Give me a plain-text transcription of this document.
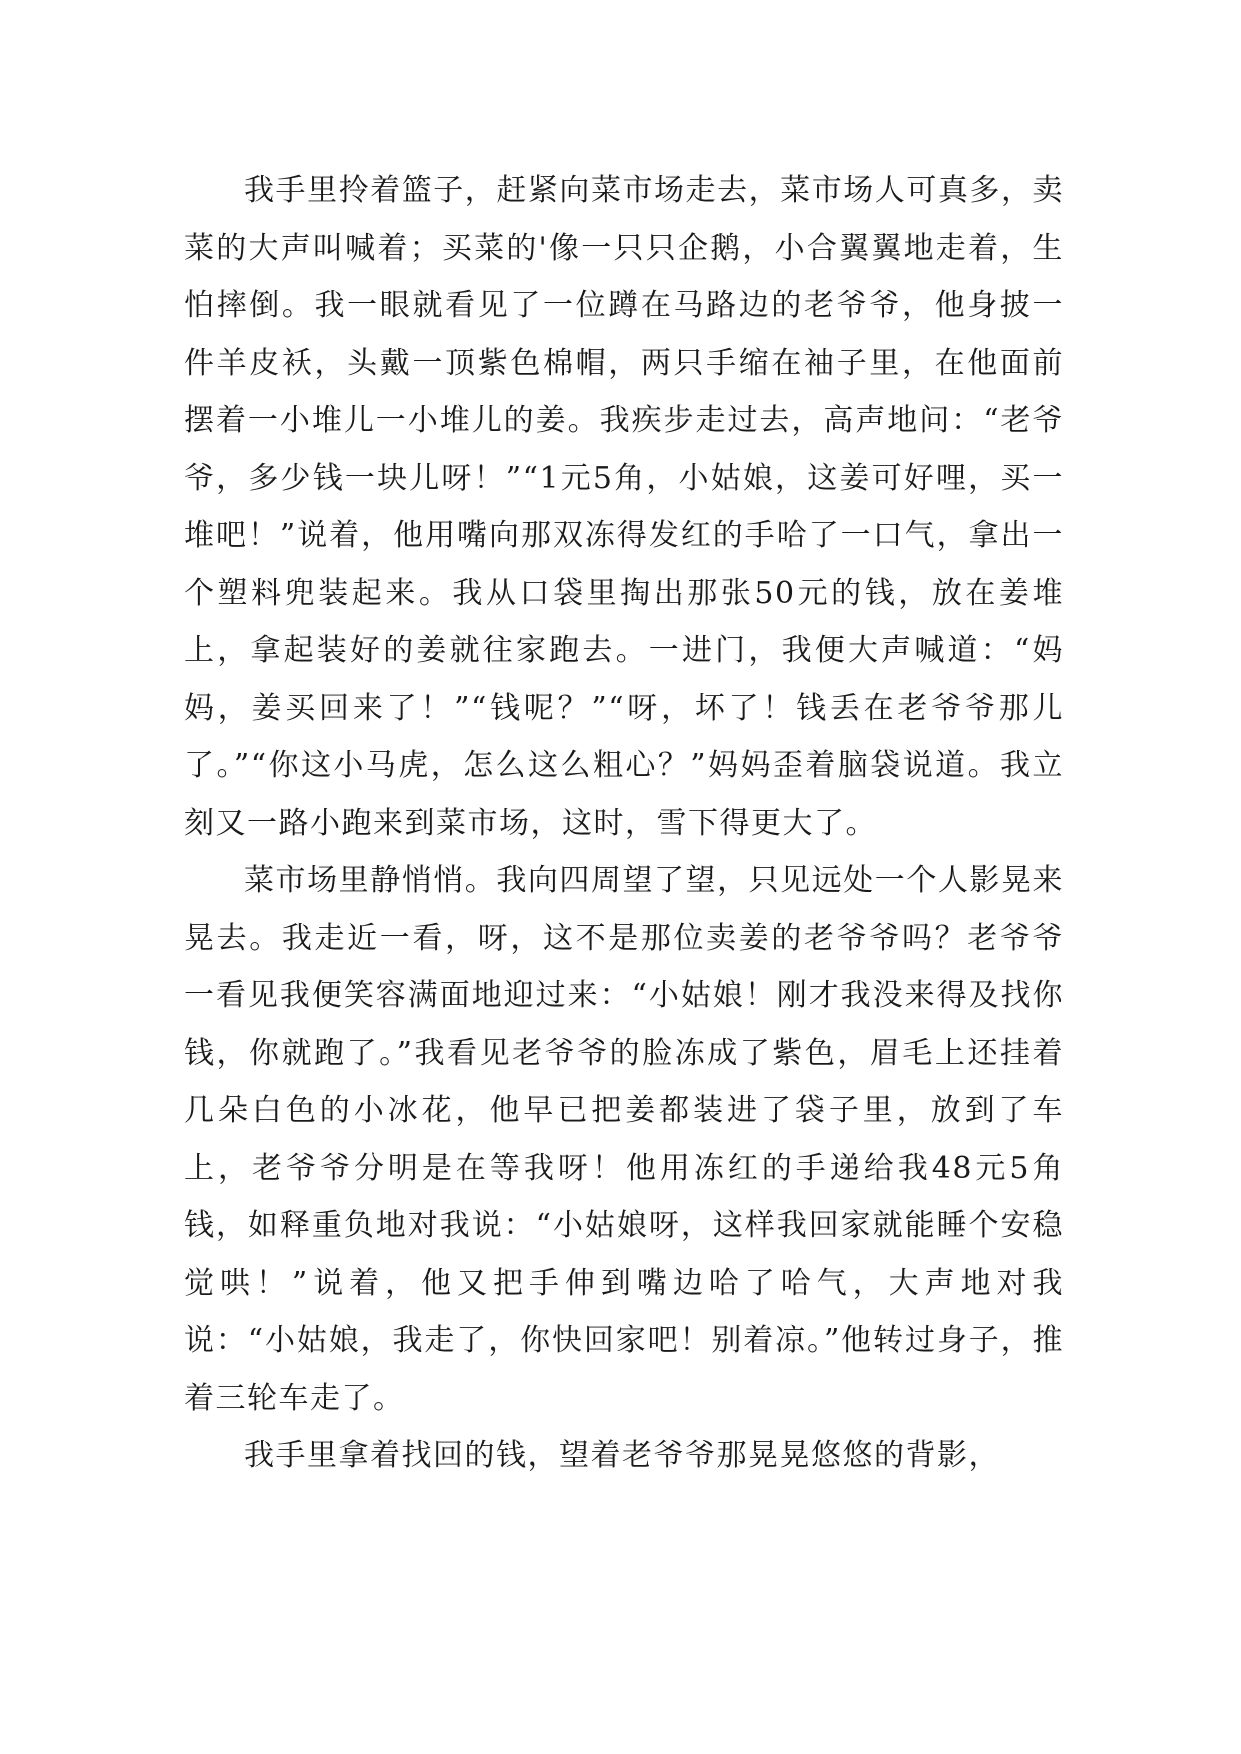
我手里拎着篮子，赶紧向菜市场走去，菜市场人可真多，卖菜的大声叫喊着；买菜的'像一只只企鹅，小合翼翼地走着，生怕摔倒。我一眼就看见了一位蹲在马路边的老爷爷，他身披一件羊皮袄，头戴一顶紫色棉帽，两只手缩在袖子里，在他面前摆着一小堆儿一小堆儿的姜。我疾步走过去，高声地问：“老爷爷，多少钱一块儿呀！”“1元5角，小姑娘，这姜可好哩，买一堆吧！”说着，他用嘴向那双冻得发红的手哈了一口气，拿出一个塑料兜装起来。我从口袋里掏出那张50元的钱，放在姜堆上，拿起装好的姜就往家跑去。一进门，我便大声喊道：“妈妈，姜买回来了！”“钱呢？”“呀，坏了！钱丢在老爷爷那儿了。”“你这小马虎，怎么这么粗心？”妈妈歪着脑袋说道。我立刻又一路小跑来到菜市场，这时，雪下得更大了。

菜市场里静悄悄。我向四周望了望，只见远处一个人影晃来晃去。我走近一看，呀，这不是那位卖姜的老爷爷吗？老爷爷一看见我便笑容满面地迎过来：“小姑娘！刚才我没来得及找你钱，你就跑了。”我看见老爷爷的脸冻成了紫色，眉毛上还挂着几朵白色的小冰花，他早已把姜都装进了袋子里，放到了车上，老爷爷分明是在等我呀！他用冻红的手递给我48元5角钱，如释重负地对我说：“小姑娘呀，这样我回家就能睡个安稳觉哄！”说着，他又把手伸到嘴边哈了哈气，大声地对我说：“小姑娘，我走了，你快回家吧！别着凉。”他转过身子，推着三轮车走了。

我手里拿着找回的钱，望着老爷爷那晃晃悠悠的背影，
